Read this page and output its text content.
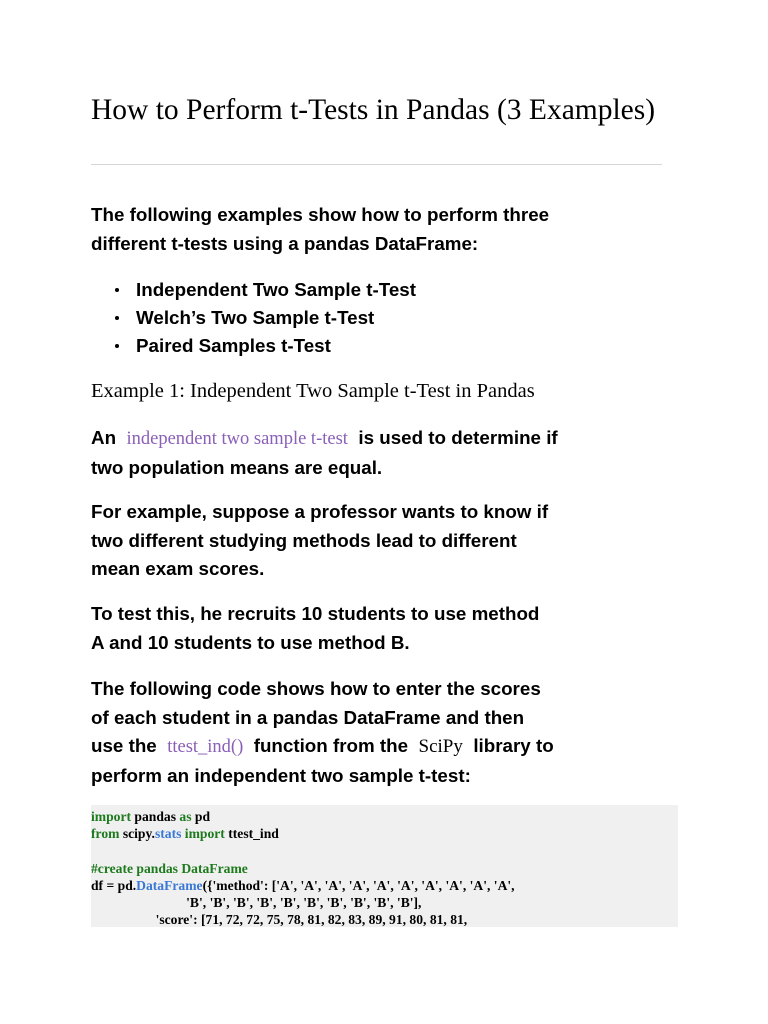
How to Perform t-Tests in Pandas (3 Examples)

The following examples show how to perform three
different t-tests using a pandas DataFrame:

Independent Two Sample t-Test
Welch’s Two Sample t-Test
Paired Samples t-Test
Example 1: Independent Two Sample t-Test in Pandas

An independent two sample t-test is used to determine if
two population means are equal.

For example, suppose a professor wants to know if
two different studying methods lead to different
mean exam scores.

To test this, he recruits 10 students to use method
A and 10 students to use method B.

The following code shows how to enter the scores
of each student in a pandas DataFrame and then
use the ttest_ind() function from the SciPy library to
perform an independent two sample t-test:

import pandas as pd
from scipy.stats import ttest_ind
#create pandas DataFrame
df = pd.DataFrame({'method': ['A', 'A', 'A', 'A', 'A', 'A', 'A', 'A', 'A', 'A',
'B', 'B', 'B', 'B', 'B', 'B', 'B', 'B', 'B', 'B'],
'score': [71, 72, 72, 75, 78, 81, 82, 83, 89, 91, 80, 81, 81,
